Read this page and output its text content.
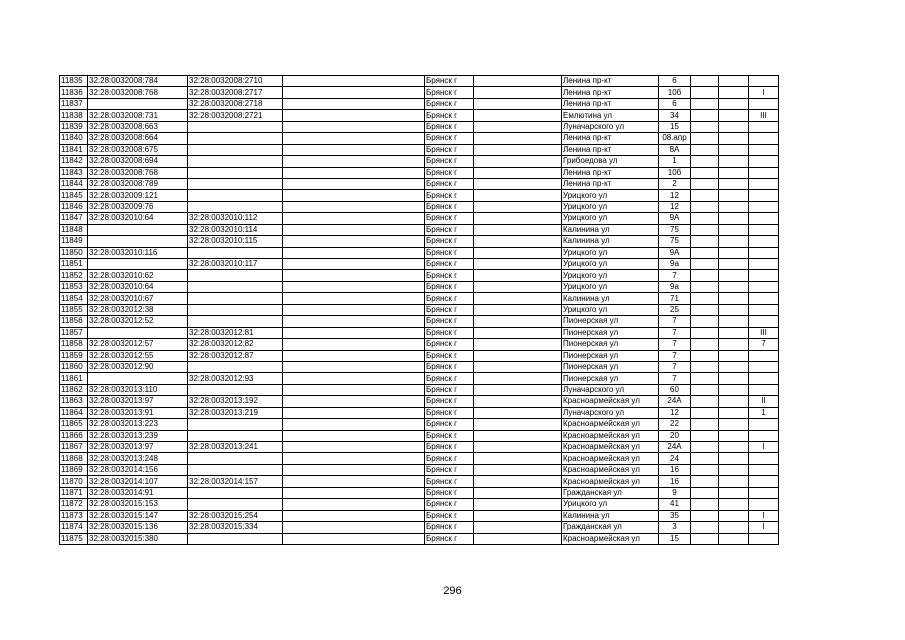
11835	32:28:0032008:784	32:28:0032008:2710		Брянск г		Ленина пр-кт	6			
11836	32:28:0032008:768	32:28:0032008:2717		Брянск г		Ленина пр-кт	10б			I
11837		32:28:0032008:2718		Брянск г		Ленина пр-кт	6			
11838	32:28:0032008:731	32:28:0032008:2721		Брянск г		Емлютина ул	34			III
11839	32:28:0032008:663			Брянск г		Луначарского ул	15			
11840	32:28:0032008:664			Брянск г		Ленина пр-кт	08.апр			
11841	32:28:0032008:675			Брянск г		Ленина пр-кт	8А			
11842	32:28:0032008:694			Брянск г		Грибоедова ул	1			
11843	32:28:0032008:768			Брянск г		Ленина пр-кт	10б			
11844	32:28:0032008:789			Брянск г		Ленина пр-кт	2			
11845	32:28:0032009:121			Брянск г		Урицкого ул	12			
11846	32:28:0032009:76			Брянск г		Урицкого ул	12			
11847	32:28:0032010:64	32:28:0032010:112		Брянск г		Урицкого ул	9А			
11848		32:28:0032010:114		Брянск г		Калинина ул	75			
11849		32:28:0032010:115		Брянск г		Калинина ул	75			
11850	32:28:0032010:116			Брянск г		Урицкого ул	9А			
11851		32:28:0032010:117		Брянск г		Урицкого ул	9а			
11852	32:28:0032010:62			Брянск г		Урицкого ул	7			
11853	32:28:0032010:64			Брянск г		Урицкого ул	9а			
11854	32:28:0032010:67			Брянск г		Калинина ул	71			
11855	32:28:0032012:38			Брянск г		Урицкого ул	25			
11856	32:28:0032012:52			Брянск г		Пионерская ул	7			
11857		32:28:0032012:81		Брянск г		Пионерская ул	7			III
11858	32:28:0032012:57	32:28:0032012:82		Брянск г		Пионерская ул	7			7
11859	32:28:0032012:55	32:28:0032012:87		Брянск г		Пионерская ул	7			
11860	32:28:0032012:90			Брянск г		Пионерская ул	7			
11861		32:28:0032012:93		Брянск г		Пионерская ул	7			
11862	32:28:0032013:110			Брянск г		Луначарского ул	60			
11863	32:28:0032013:97	32:28:0032013:192		Брянск г		Красноармейская ул	24А			II
11864	32:28:0032013:91	32:28:0032013:219		Брянск г		Луначарского ул	12			1
11865	32:28:0032013:223			Брянск г		Красноармейская ул	22			
11866	32:28:0032013:239			Брянск г		Красноармейская ул	20			
11867	32:28:0032013:97	32:28:0032013:241		Брянск г		Красноармейская ул	24А			I
11868	32:28:0032013:248			Брянск г		Красноармейская ул	24			
11869	32:28:0032014:156			Брянск г		Красноармейская ул	16			
11870	32:28:0032014:107	32:28:0032014:157		Брянск г		Красноармейская ул	16			
11871	32:28:0032014:91			Брянск г		Гражданская ул	9			
11872	32:28:0032015:153			Брянск г		Урицкого ул	41			
11873	32:28:0032015:147	32:28:0032015:254		Брянск г		Калинина ул	35			I
11874	32:28:0032015:136	32:28:0032015:334		Брянск г		Гражданская ул	3			I
11875	32:28:0032015:380			Брянск г		Красноармейская ул	15			
296
